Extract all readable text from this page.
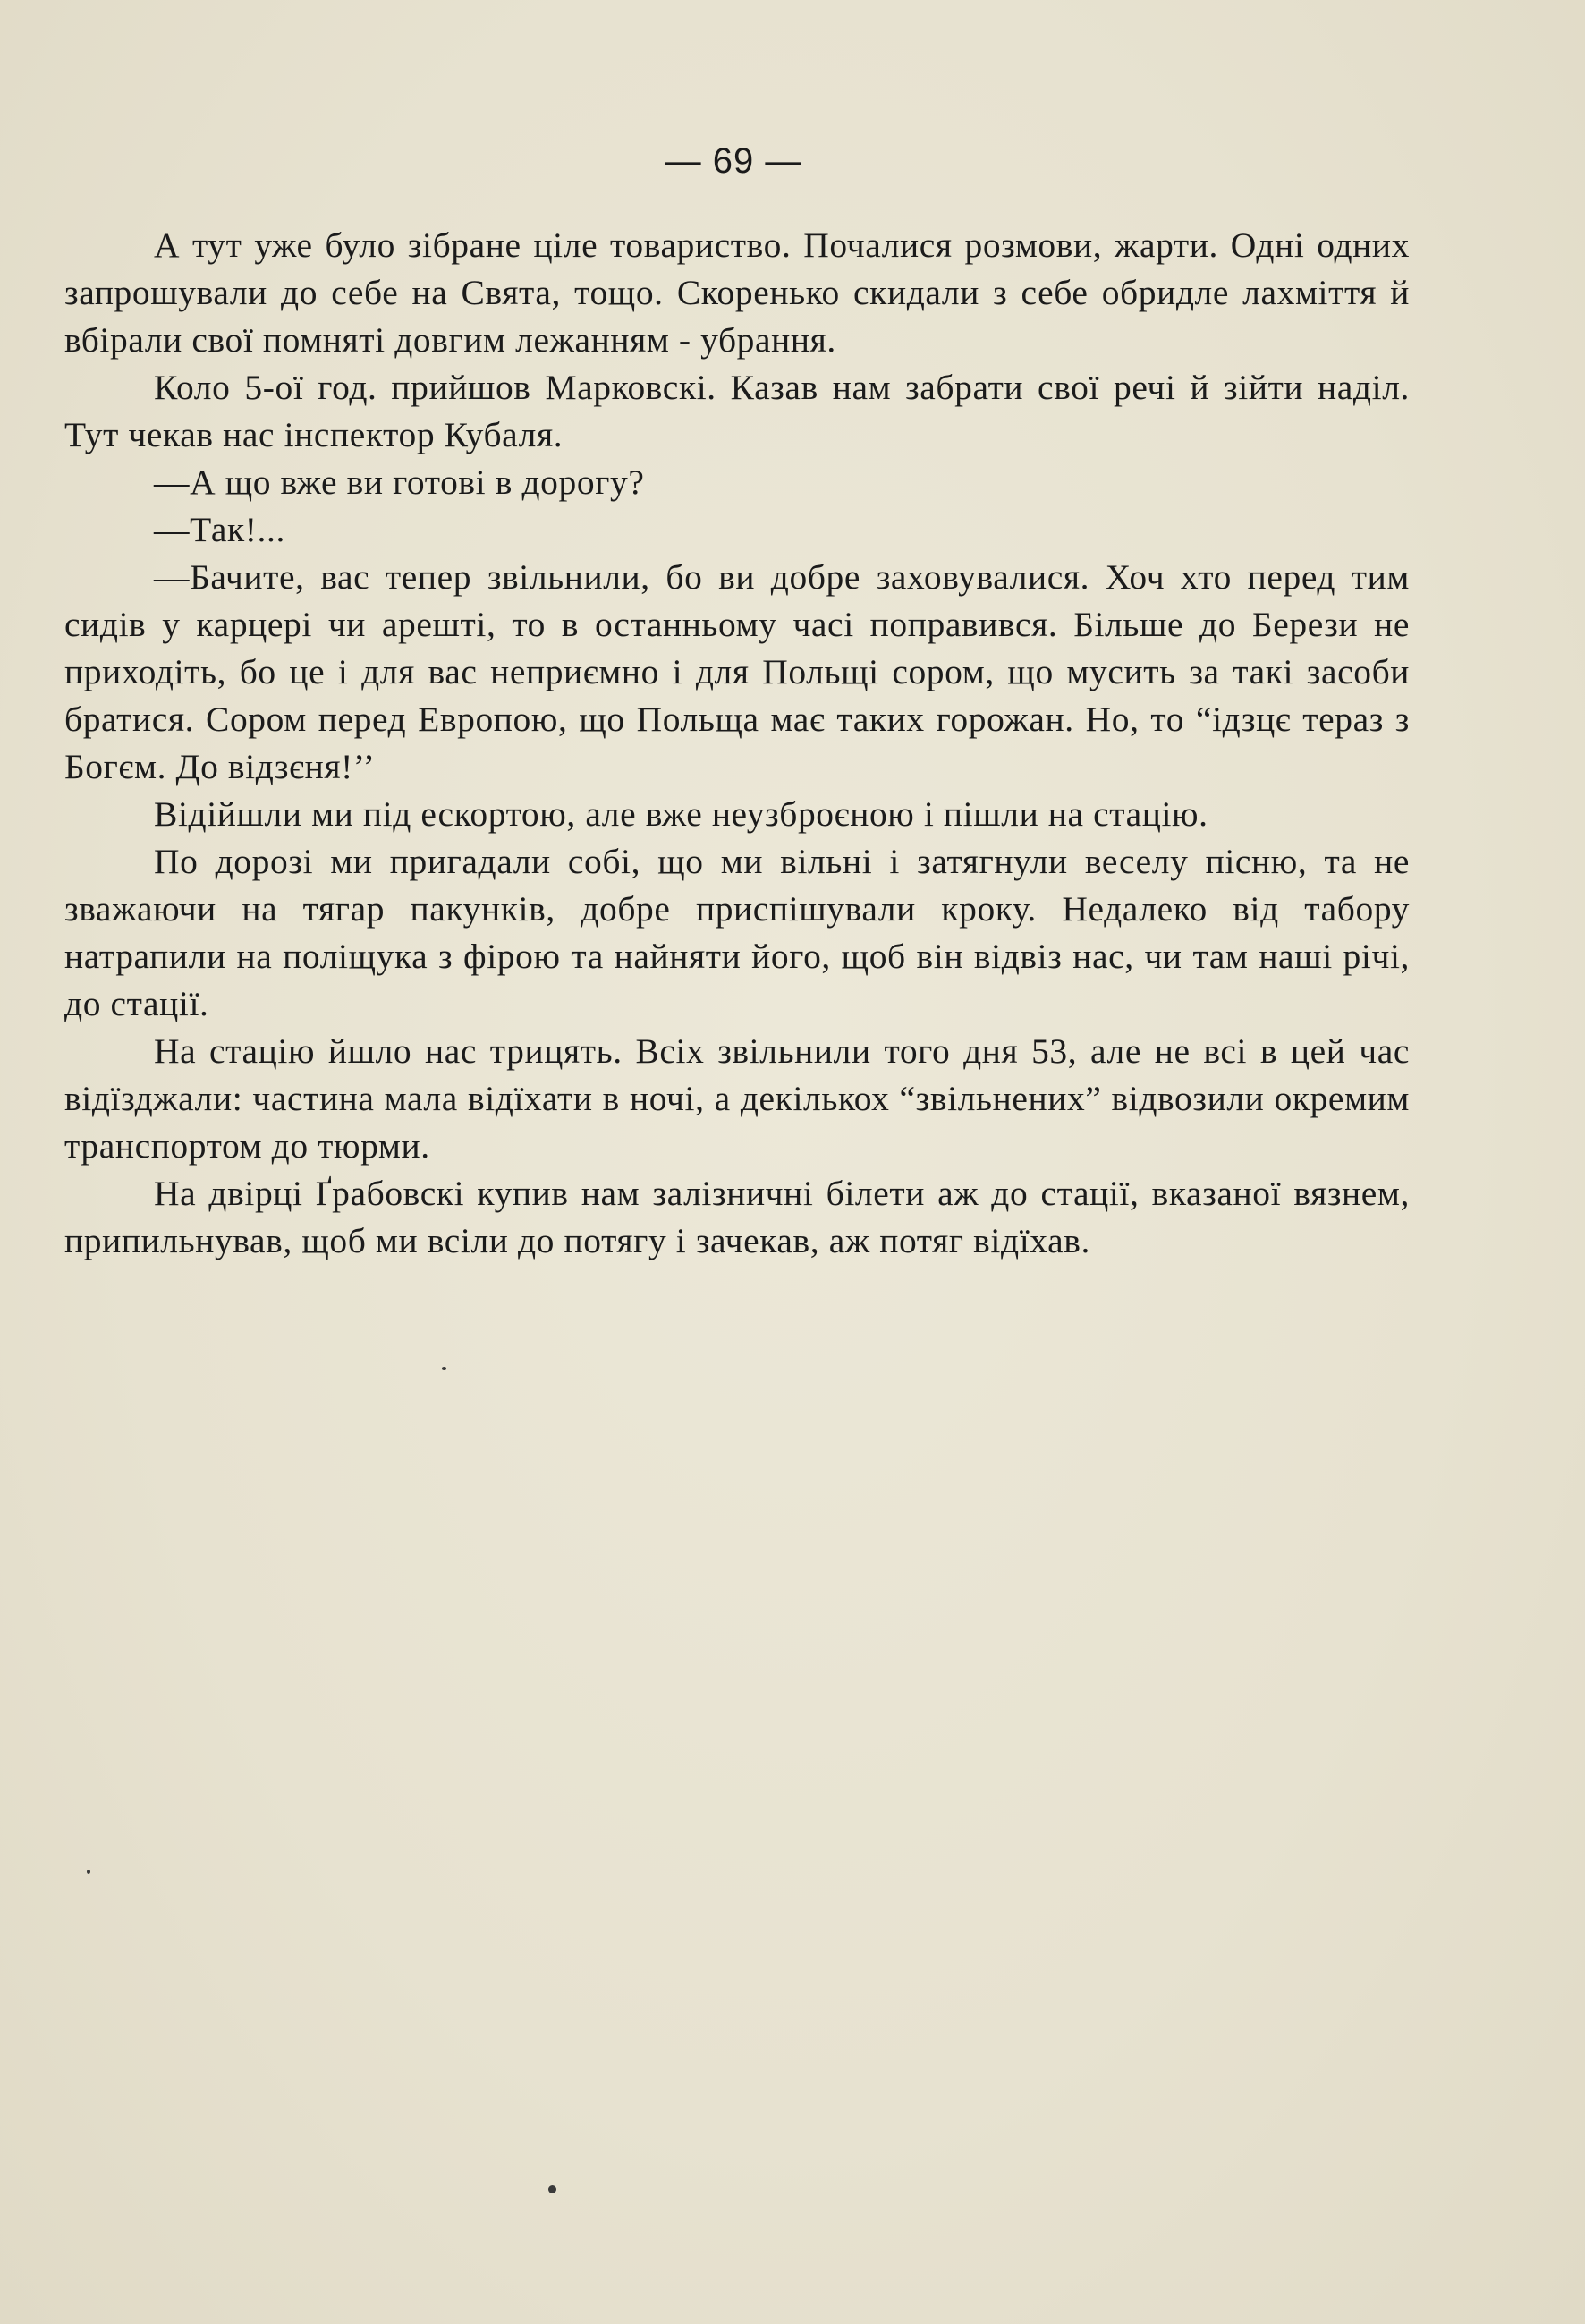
— 69 —

А тут уже було зібране ціле товариство. Почалися розмови, жарти. Одні одних запрошували до себе на Свята, тощо. Скоренько скидали з себе обридле лахміття й вбірали свої помняті довгим лежанням - убрання.

Коло 5-ої год. прийшов Марковскі. Казав нам забрати свої речі й зійти наділ. Тут чекав нас інспектор Кубаля.

—А що вже ви готові в дорогу?

—Так!...

—Бачите, вас тепер звільнили, бо ви добре заховувалися. Хоч хто перед тим сидів у карцері чи арешті, то в останньому часі поправився. Більше до Берези не приходіть, бо це і для вас неприємно і для Польщі сором, що мусить за такі засоби братися. Сором перед Европою, що Польща має таких горожан. Но, то “ідзцє тераз з Богєм. До відзєня!’’

Відійшли ми під ескортою, але вже неузброєною і пішли на стацію.

По дорозі ми пригадали собі, що ми вільні і затягнули веселу пісню, та не зважаючи на тягар пакунків, добре приспішували кроку. Недалеко від табору натрапили на поліщука з фірою та найняти його, щоб він відвіз нас, чи там наші річі, до стації.

На стацію йшло нас трицять. Всіх звільнили того дня 53, але не всі в цей час відїзджали: частина мала відїхати в ночі, а декількох “звільнених” відвозили окремим транспортом до тюрми.

На двірці Ґрабовскі купив нам залізничні білети аж до стації, вказаної вязнем, припильнував, щоб ми всіли до потягу і зачекав, аж потяг відїхав.
